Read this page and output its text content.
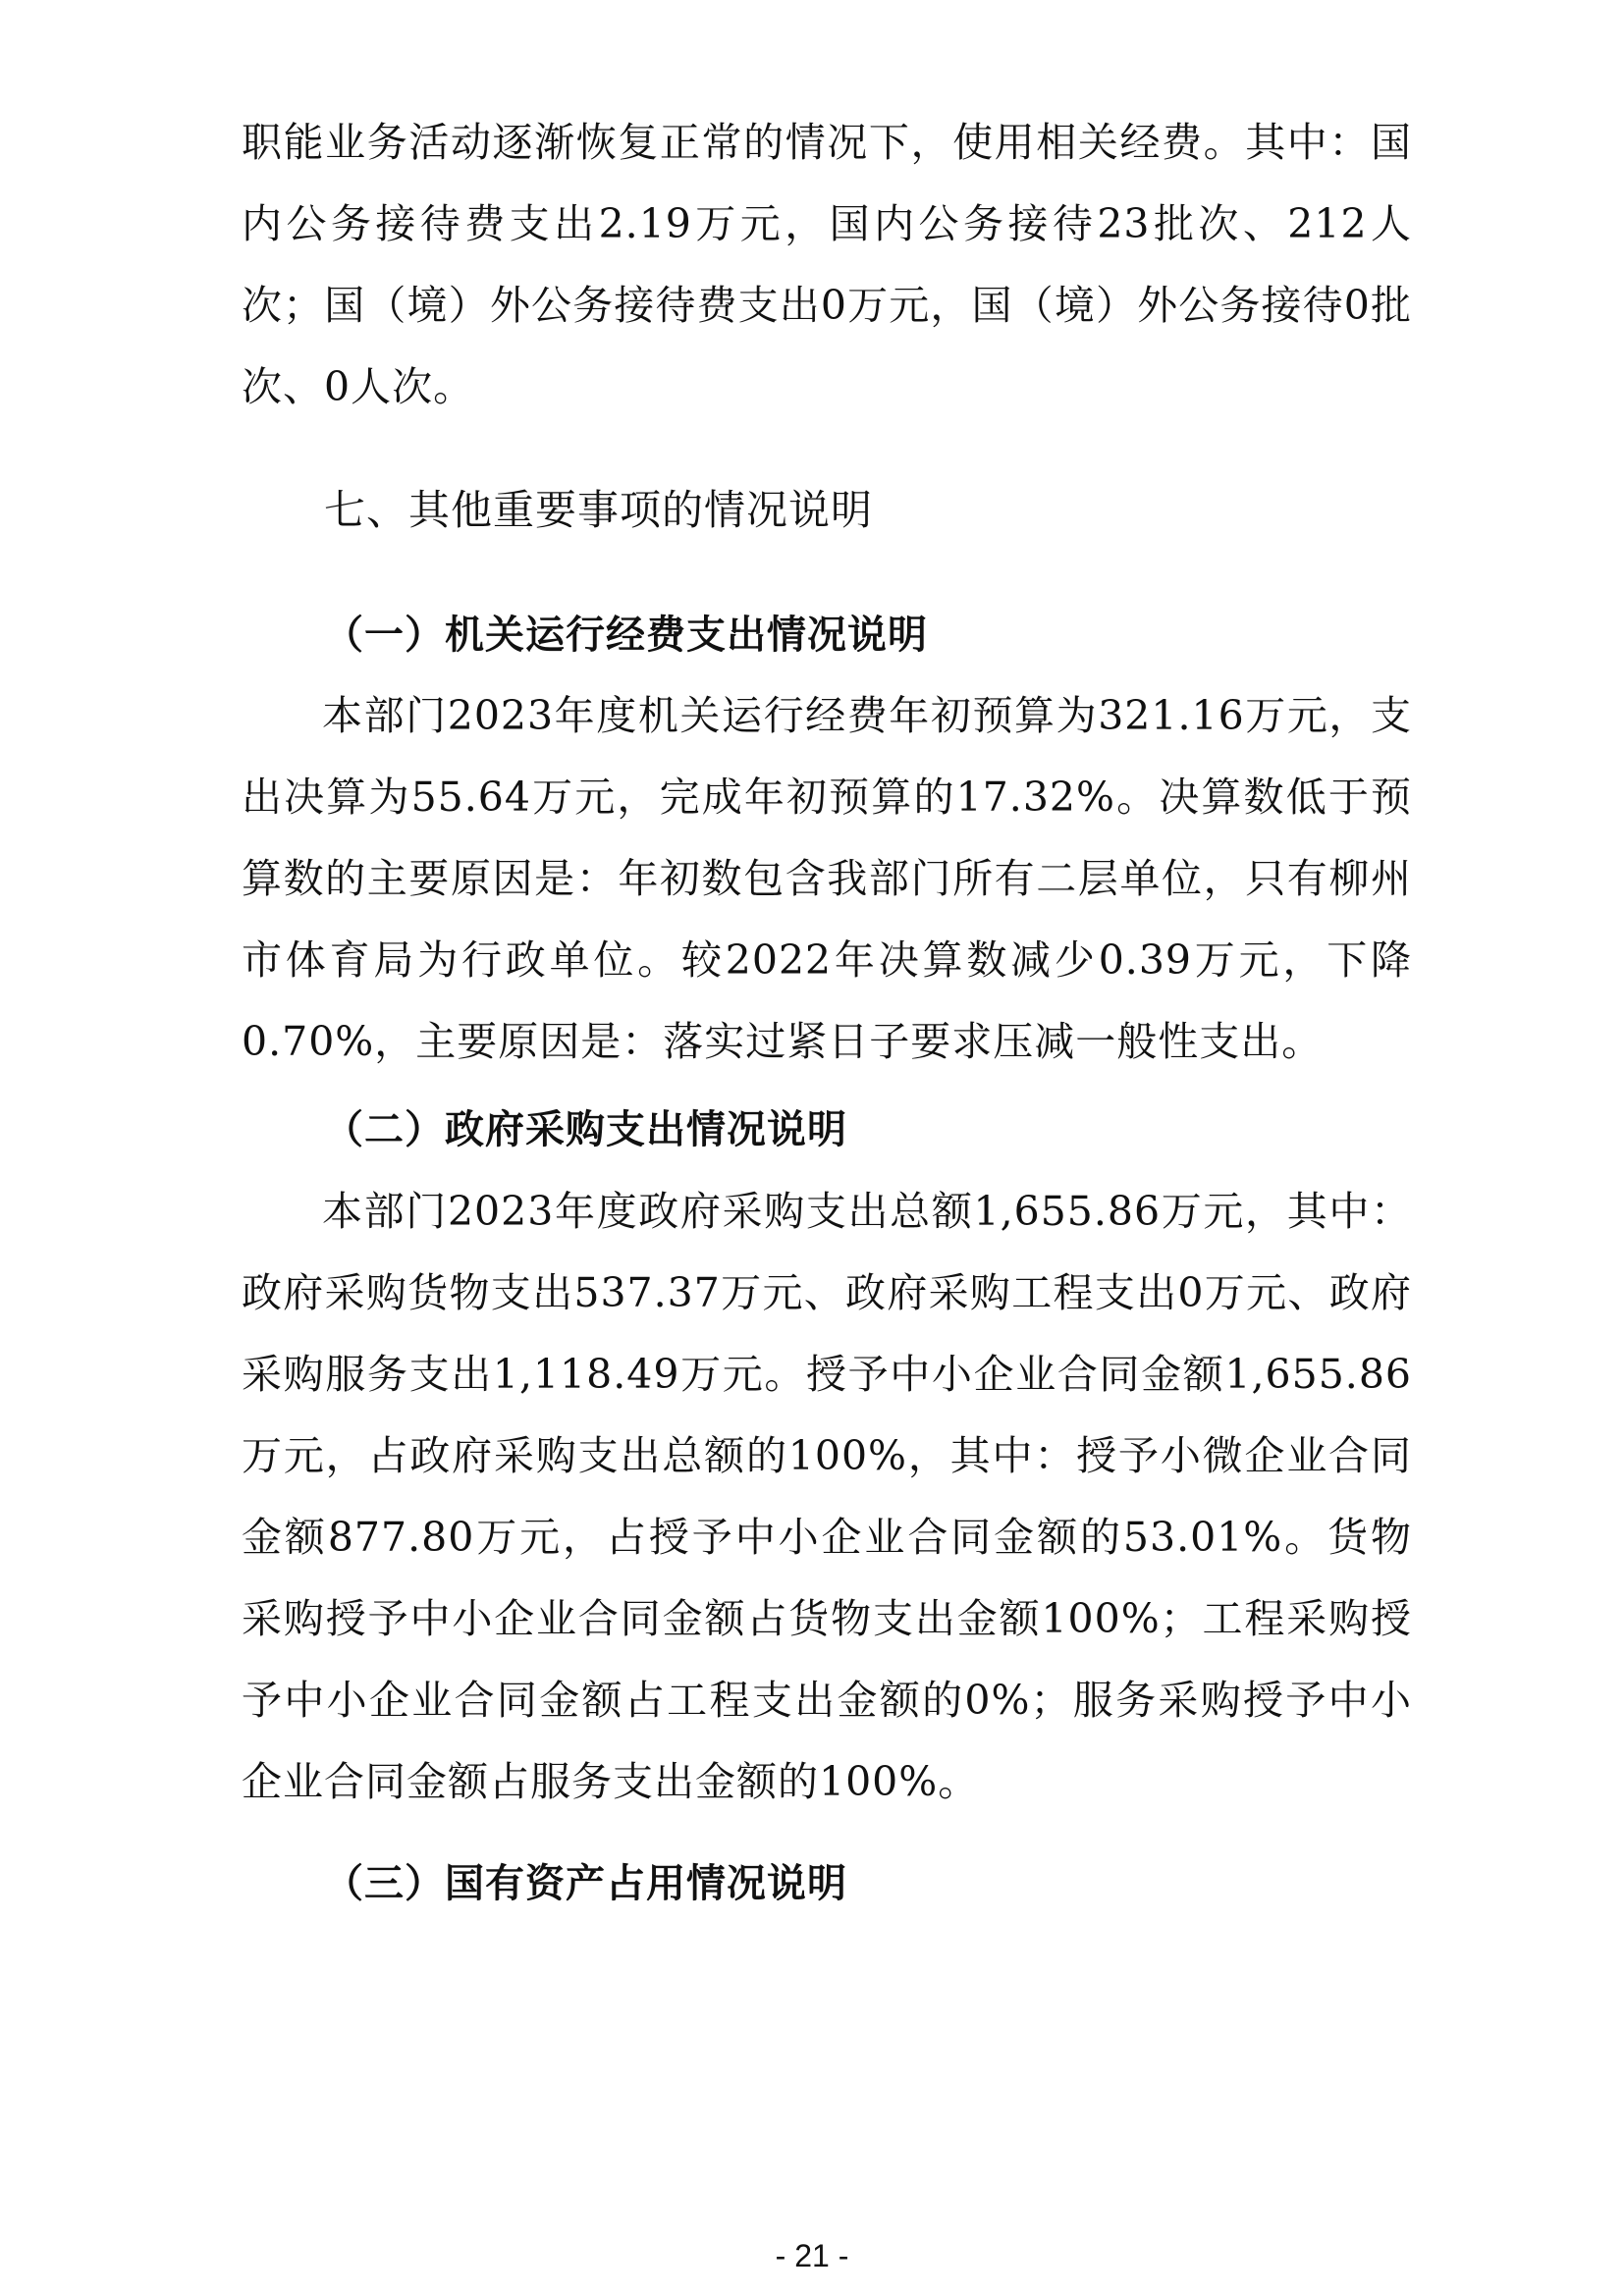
职能业务活动逐渐恢复正常的情况下，使用相关经费。其中：国内公务接待费支出2.19万元，国内公务接待23批次、212人次；国（境）外公务接待费支出0万元，国（境）外公务接待0批次、0人次。

七、其他重要事项的情况说明
（一）机关运行经费支出情况说明

本部门2023年度机关运行经费年初预算为321.16万元，支出决算为55.64万元，完成年初预算的17.32%。决算数低于预算数的主要原因是：年初数包含我部门所有二层单位，只有柳州市体育局为行政单位。较2022年决算数减少0.39万元，下降0.70%，主要原因是：落实过紧日子要求压减一般性支出。

（二）政府采购支出情况说明

本部门2023年度政府采购支出总额1,655.86万元，其中：政府采购货物支出537.37万元、政府采购工程支出0万元、政府采购服务支出1,118.49万元。授予中小企业合同金额1,655.86万元，占政府采购支出总额的100%，其中：授予小微企业合同金额877.80万元，占授予中小企业合同金额的53.01%。货物采购授予中小企业合同金额占货物支出金额100%；工程采购授予中小企业合同金额占工程支出金额的0%；服务采购授予中小企业合同金额占服务支出金额的100%。

（三）国有资产占用情况说明
- 21 -
